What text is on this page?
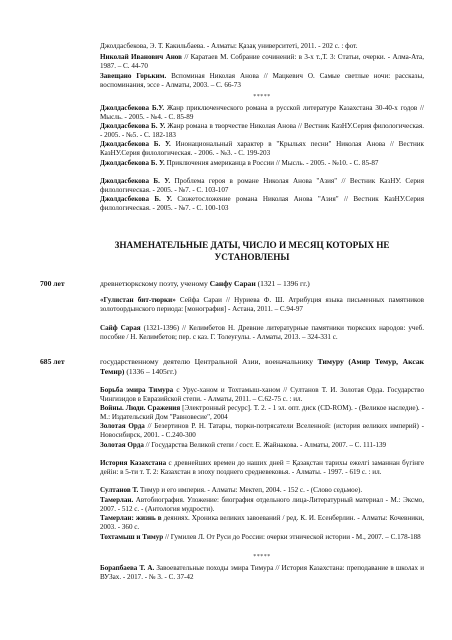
Джолдасбекова, Э. Т. Какильбаева. - Алматы: Қазақ университеті, 2011. - 202 с. : фот.

Николай Иванович Анов // Каратаев М. Собрание сочинений: в 3-х т.,Т. 3: Статьи, очерки. - Алма-Ата, 1987. – С. 44-70

Завещано Горьким. Вспоминая Николая Анова // Мацкевич О. Самые светлые ночи: рассказы, воспоминания, эссе - Алматы, 2003. – С. 66-73

*****

Джолдасбекова Б.У. Жанр приключенческого романа в русской литературе Казахстана 30-40-х годов // Мысль. - 2005. - №4. - С. 85-89

Джолдасбекова Б. У. Жанр романа в творчестве Николая Анова // Вестник КазНУ.Серия филологическая. - 2005. - №5. - С. 182-183

Джолдасбекова Б. У. Инонациональный характер в "Крыльях песни" Николая Анова // Вестник КазНУ.Серия филологическая. - 2006. - №3. - С. 199-203

Джолдасбекова Б. У. Приключения американца в России // Мысль. - 2005. - №10. - С. 85-87

Джолдасбекова Б. У. Проблема героя в романе Николая Анова "Азия" // Вестник КазНУ. Серия филологическая. - 2005. - №7. - С. 103-107

Джолдасбекова Б. У. Сюжетосложение романа Николая Анова "Азия" // Вестник КазНУ.Серия филологическая. - 2005. - №7. - С. 100-103

ЗНАМЕНАТЕЛЬНЫЕ ДАТЫ, ЧИСЛО И МЕСЯЦ КОТОРЫХ НЕ УСТАНОВЛЕНЫ

700 лет	древнетюркскому поэту, ученому Санфу Сараи (1321 – 1396 гг.)

«Гулистан бит-тюрки» Сейфа Сараи // Нуриева Ф. Ш. Атрибуция языка письменных памятников золотоордынского периода: [монография] - Астана, 2011. – С.94-97

Сайф Сарая (1321-1396) // Келимбетов Н. Древние литературные памятники тюркских народов: учеб. пособие / Н. Келимбетов; пер. с каз. Г. Толеуғулы. - Алматы, 2013. – 324-331 с.

685 лет	государственному деятелю Центральной Азии, военачальнику Тимуру (Амир Темур, Аксак Темир) (1336 – 1405гг.)

Борьба эмира Тимура с Урус-ханом и Тохтамыш-ханом // Султанов Т. И. Золотая Орда. Государство Чингизидов в Евразийской степи. - Алматы, 2011. – С.62-75 с. : ил.

Войны. Люди. Сражения [Электронный ресурс]. Т. 2. - 1 эл. опт. диск (CD-ROM). - (Великое наследие). - М.: Издательский Дом "Равновесие", 2004

Золотая Орда // Безертинов Р. Н. Татары, тюрки-потрясатели Вселенной: (история великих империй) - Новосибирск, 2001. - С.240-300

Золотая Орда // Государства Великой степи / сост. Е. Жайнакова. - Алматы, 2007. – С. 111-139

История Казахстана с древнейших времен до наших дней = Қазақстан тарихы ежелгі заманнан бүгінге дейін: в 5-ти т. Т. 2: Казахстан в эпоху позднего средневековья. - Алматы. - 1997. - 619 с. : ил.

Султанов Т. Тимур и его империя. - Алматы: Мектеп, 2004. - 152 с. - (Слово седьмое).

Тамерлан. Автобиография. Уложение: биография отдельного лица-Литературный материал - М.: Эксмо, 2007. - 512 с. - (Антология мудрости).

Тамерлан: жизнь в деяниях. Хроника великих завоеваний / ред. К. И. Есенберлин. - Алматы: Кочевники, 2003. - 360 с.

Тохтамыш и Тимур // Гумилев Л. От Руси до России: очерки этнической истории - М., 2007. – С.178-188

*****

Борапбаева Т. А. Завоевательные походы эмира Тимура // История Казахстана: преподавание в школах и ВУЗах. - 2017. - № 3. - С. 37-42
